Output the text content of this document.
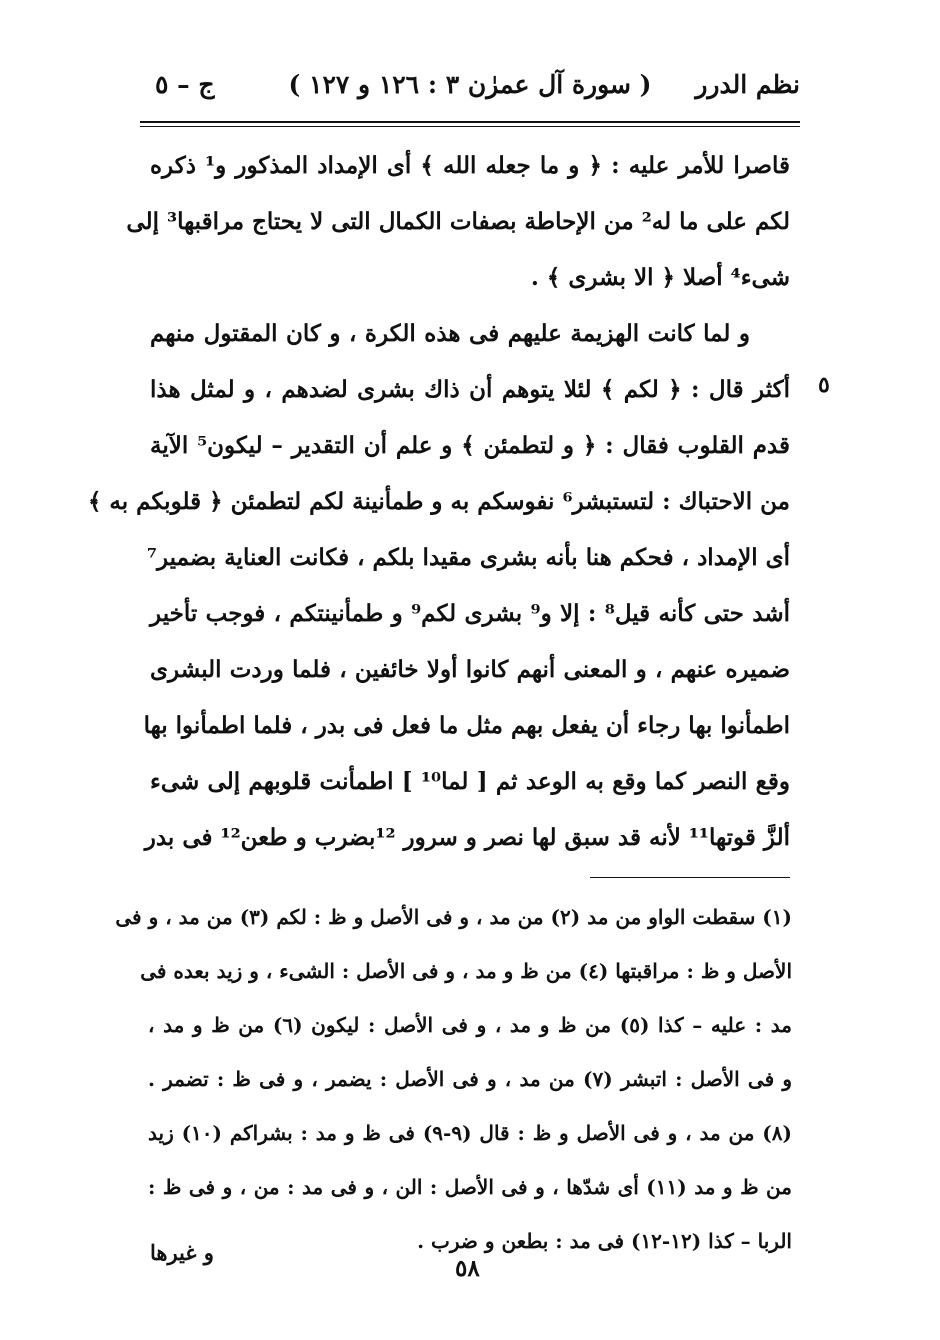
نظم الدرر
( سورة آل عمرٰن ۳ : ۱۲٦ و ۱۲۷ )
ج – ٥
قاصرا للأمر عليه : ﴿ و ما جعله الله ﴾ أى الإمداد المذكور و¹ ذكره
لكم على ما له² من الإحاطة بصفات الكمال التى لا يحتاج مراقبها³ إلى
شىء⁴ أصلا ﴿ الا بشرى ﴾ .
و لما كانت الهزيمة عليهم فى هذه الكرة ، و كان المقتول منهم
أكثر قال : ﴿ لكم ﴾ لئلا يتوهم أن ذاك بشرى لضدهم ، و لمثل هذا
قدم القلوب فقال : ﴿ و لتطمئن ﴾ و علم أن التقدير – ليكون⁵ الآية
من الاحتباك : لتستبشر⁶ نفوسكم به و طمأنينة لكم لتطمئن ﴿ قلوبكم به ﴾
أى الإمداد ، فحكم هنا بأنه بشرى مقيدا بلكم ، فكانت العناية بضمير⁷
أشد حتى كأنه قيل⁸ : إلا و⁹ بشرى لكم⁹ و طمأنينتكم ، فوجب تأخير
ضميره عنهم ، و المعنى أنهم كانوا أولا خائفين ، فلما وردت البشرى
اطمأنوا بها رجاء أن يفعل بهم مثل ما فعل فى بدر ، فلما اطمأنوا بها
وقع النصر كما وقع به الوعد ثم [ لما¹⁰ ] اطمأنت قلوبهم إلى شىء
ألزَّ قوتها¹¹ لأنه قد سبق لها نصر و سرور ¹²بضرب و طعن¹² فى بدر
٥
(١) سقطت الواو من مد (٢) من مد ، و فى الأصل و ظ : لكم (٣) من مد ، و فى
الأصل و ظ : مراقبتها (٤) من ظ و مد ، و فى الأصل : الشىء ، و زيد بعده فى
مد : عليه – كذا (٥) من ظ و مد ، و فى الأصل : ليكون (٦) من ظ و مد ،
و فى الأصل : اتبشر (٧) من مد ، و فى الأصل : يضمر ، و فى ظ : تضمر .
(٨) من مد ، و فى الأصل و ظ : قال (٩-٩) فى ظ و مد : بشراكم (١٠) زيد
من ظ و مد (١١) أى شدّها ، و فى الأصل : الن ، و فى مد : من ، و فى ظ :
الربا – كذا (١٢-١٢) فى مد : بطعن و ضرب .
و غيرها
٥٨
